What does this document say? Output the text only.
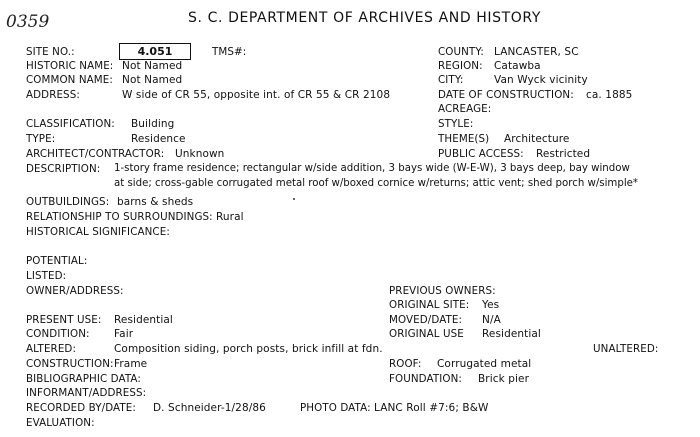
0359	S. C. DEPARTMENT OF ARCHIVES AND HISTORY
SITE NO.:	4.051	TMS#:	COUNTY: LANCASTER, SC
HISTORIC NAME: Not Named	REGION: Catawba
COMMON NAME: Not Named	CITY:	Van Wyck vicinity
ADDRESS:	W side of CR 55, opposite int. of CR 55 & CR 2108	DATE OF CONSTRUCTION: ca. 1885
ACREAGE:
CLASSIFICATION: Building	STYLE:
TYPE:	Residence	THEME(S) Architecture
ARCHITECT/CONTRACTOR: Unknown	PUBLIC ACCESS: Restricted
DESCRIPTION: 1-story frame residence; rectangular w/side addition, 3 bays wide (W-E-W), 3 bays deep, bay window
at side; cross-gable corrugated metal roof w/boxed cornice w/returns; attic vent; shed porch w/simple*
OUTBUILDINGS: barns & sheds
RELATIONSHIP TO SURROUNDINGS: Rural
HISTORICAL SIGNIFICANCE:
POTENTIAL:
LISTED:
OWNER/ADDRESS:	PREVIOUS OWNERS:
ORIGINAL SITE: Yes
PRESENT USE: Residential	MOVED/DATE: N/A
CONDITION: Fair	ORIGINAL USE Residential
ALTERED:	Composition siding, porch posts, brick infill at fdn.	UNALTERED:
CONSTRUCTION: Frame	ROOF: Corrugated metal
BIBLIOGRAPHIC DATA:	FOUNDATION: Brick pier
INFORMANT/ADDRESS:
RECORDED BY/DATE: D. Schneider-1/28/86	PHOTO DATA: LANC Roll #7:6; B&W
EVALUATION:
